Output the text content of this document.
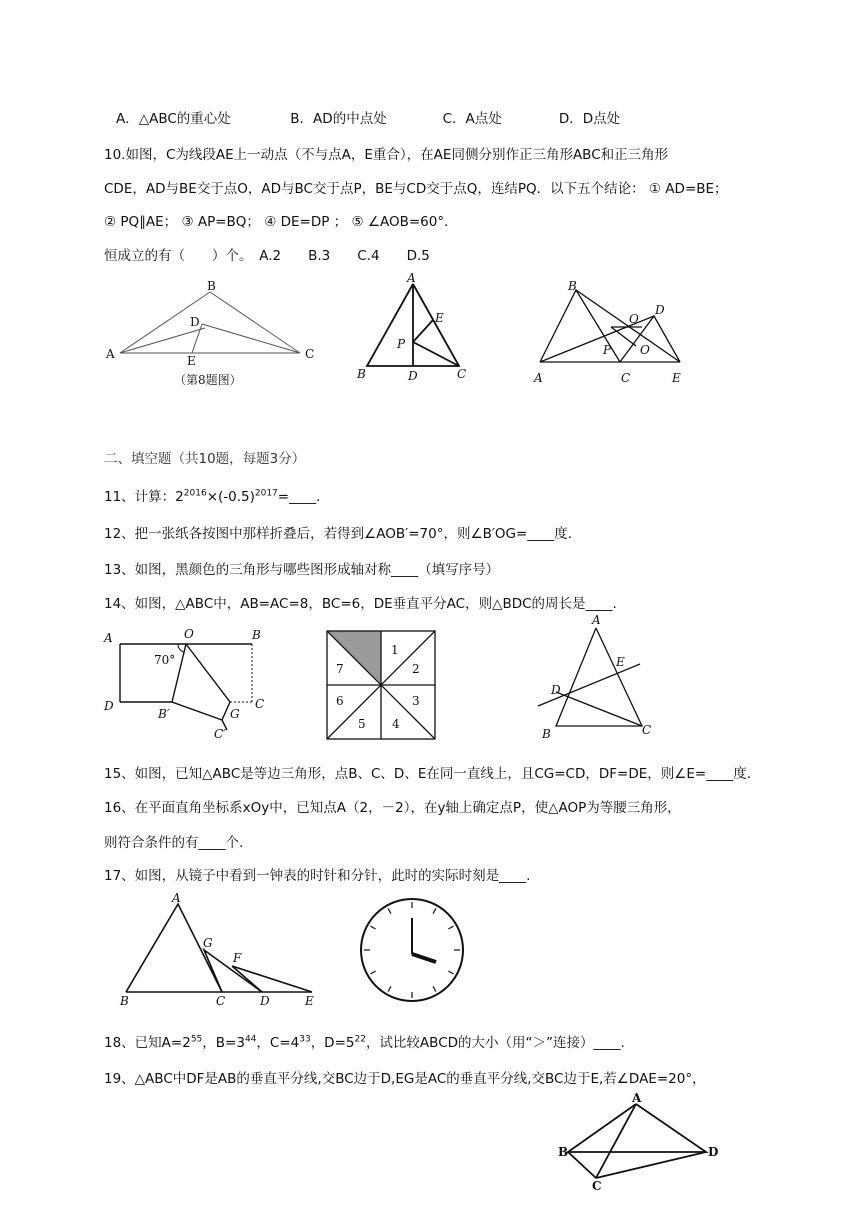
A．△ABC的重心处	B．AD的中点处	C．A点处	D．D点处
10.如图，C为线段AE上一动点（不与点A，E重合），在AE同侧分别作正三角形ABC和正三角形
CDE，AD与BE交于点O，AD与BC交于点P，BE与CD交于点Q，连结PQ．以下五个结论： ① AD=BE；
② PQ∥AE； ③ AP=BQ； ④ DE=DP ； ⑤ ∠AOB=60°．
恒成立的有（　　）个。　A.2　　B.3　　C.4　　D.5
A
B
C
D
E
（第8题图）
A
B	C
D
E
P
A
B
C
D
E
O
O
P
二、填空题（共10题，每题3分）
11、计算：$2^{2016}\times(-0.5)^{2017}=\_\_\_\_$.
12、把一张纸各按图中那样折叠后，若得到∠AOB′=70°，则∠B′OG=____度.
13、如图，黑颜色的三角形与哪些图形成轴对称____（填写序号）
14、如图，△ABC中，AB=AC=8，BC=6，DE垂直平分AC，则△BDC的周长是____.
A	O	B
D	C
B′	G
C′
70°
1
2
3
4
5
6
7
A
B	C
D
E
15、如图，已知△ABC是等边三角形，点B、C、D、E在同一直线上，且CG=CD，DF=DE，则∠E=____度.
16、在平面直角坐标系xOy中，已知点A（2，－2），在y轴上确定点P，使△AOP为等腰三角形，
则符合条件的有____个.
17、如图，从镜子中看到一钟表的时针和分针，此时的实际时刻是____.
A
B	C	D	E
F
G
18、已知$A=2^{55}$，$B=3^{44}$，$C=4^{33}$，$D=5^{22}$，试比较ABCD的大小（用“＞”连接）____.
19、△ABC中DF是AB的垂直平分线,交BC边于D,EG是AC的垂直平分线,交BC边于E,若∠DAE=20°，
A
B
C
D
